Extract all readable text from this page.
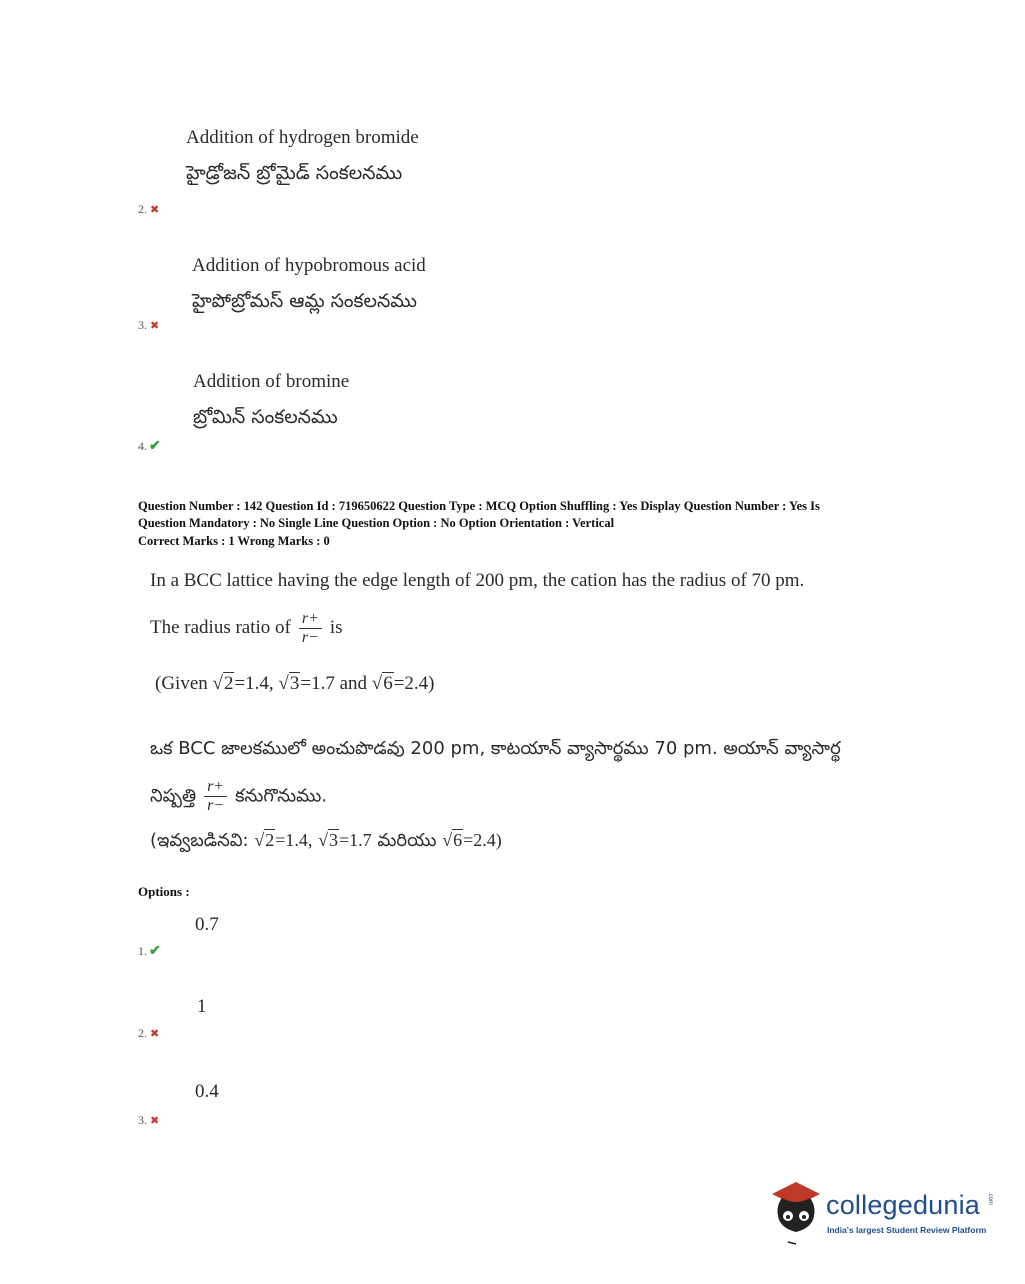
Addition of hydrogen bromide
హైడ్రోజన్ బ్రోమైడ్ సంకలనము
2. ✖
Addition of hypobromous acid
హైపోబ్రోమస్ ఆమ్ల సంకలనము
3. ✖
Addition of bromine
బ్రోమిన్ సంకలనము
4. ✔
Question Number : 142 Question Id : 719650622 Question Type : MCQ Option Shuffling : Yes Display Question Number : Yes Is
Question Mandatory : No Single Line Question Option : No Option Orientation : Vertical
Correct Marks : 1 Wrong Marks : 0
In a BCC lattice having the edge length of 200 pm, the cation has the radius of 70 pm.
The radius ratio of $\frac{r+}{r-}$ is
(Given √2=1.4, √3=1.7 and √6=2.4)
ఒక BCC జాలకములో అంచుపొడవు 200 pm, కాటయాన్ వ్యాసార్థము 70 pm. అయాన్ వ్యాసార్థ
నిష్పత్తి $\frac{r+}{r-}$ కనుగొనుము.
(ఇవ్వబడినవి: √2=1.4, √3=1.7 మరియు √6=2.4)
Options :
0.7
1. ✔
1
2. ✖
0.4
3. ✖
collegedunia .com
India's largest Student Review Platform
